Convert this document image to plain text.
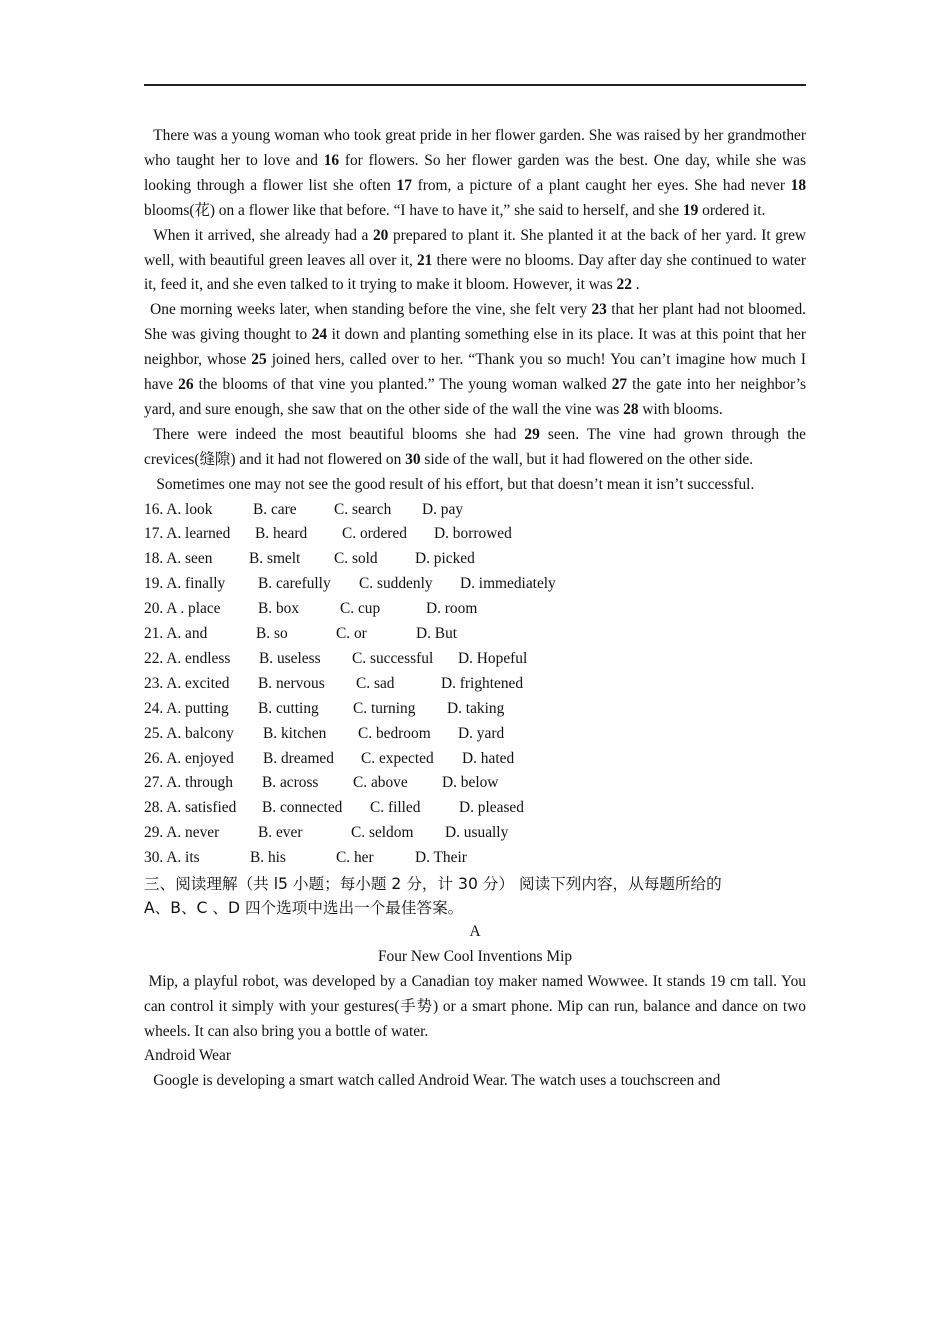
There was a young woman who took great pride in her flower garden. She was raised by her grandmother who taught her to love and 16 for flowers. So her flower garden was the best. One day, while she was looking through a flower list she often 17 from, a picture of a plant caught her eyes. She had never 18 blooms(花) on a flower like that before. “I have to have it,” she said to herself, and she 19 ordered it.

When it arrived, she already had a 20 prepared to plant it. She planted it at the back of her yard. It grew well, with beautiful green leaves all over it, 21 there were no blooms. Day after day she continued to water it, feed it, and she even talked to it trying to make it bloom. However, it was 22 .

One morning weeks later, when standing before the vine, she felt very 23 that her plant had not bloomed. She was giving thought to 24 it down and planting something else in its place. It was at this point that her neighbor, whose 25 joined hers, called over to her. “Thank you so much! You can’t imagine how much I have 26 the blooms of that vine you planted.” The young woman walked 27 the gate into her neighbor’s yard, and sure enough, she saw that on the other side of the wall the vine was 28 with blooms.

There were indeed the most beautiful blooms she had 29 seen. The vine had grown through the crevices(缝隙) and it had not flowered on 30 side of the wall, but it had flowered on the other side.

Sometimes one may not see the good result of his effort, but that doesn’t mean it isn’t successful.

16. A. look	B. care C. search D. pay
17. A. learned B. heard C. ordered D. borrowed
18. A. seen B. smelt C. sold D. picked
19. A. finally B. carefully C. suddenly D. immediately
20. A . place B. box	C. cup	D. room
21. A. and	B. so	C. or	D. But
22. A. endless B. useless C. successful D. Hopeful
23. A. excited B. nervous C. sad	D. frightened
24. A. putting B. cutting C. turning D. taking
25. A. balcony B. kitchen C. bedroom D. yard
26. A. enjoyed B. dreamed C. expected D. hated
27. A. through B. across C. above D. below
28. A. satisfied B. connected C. filled	D. pleased
29. A. never	B. ever	C. seldom D. usually
30. A. its	B. his	C. her	D. Their
三、阅读理解（共 l5 小题；每小题 2 分，计 30 分） 阅读下列内容，从每题所给的
A、B、C 、D 四个选项中选出一个最佳答案。
A
Four New Cool Inventions Mip

Mip, a playful robot, was developed by a Canadian toy maker named Wowwee. It stands 19 cm tall. You can control it simply with your gestures(手势) or a smart phone. Mip can run, balance and dance on two wheels. It can also bring you a bottle of water.

Android Wear

Google is developing a smart watch called Android Wear. The watch uses a touchscreen and
